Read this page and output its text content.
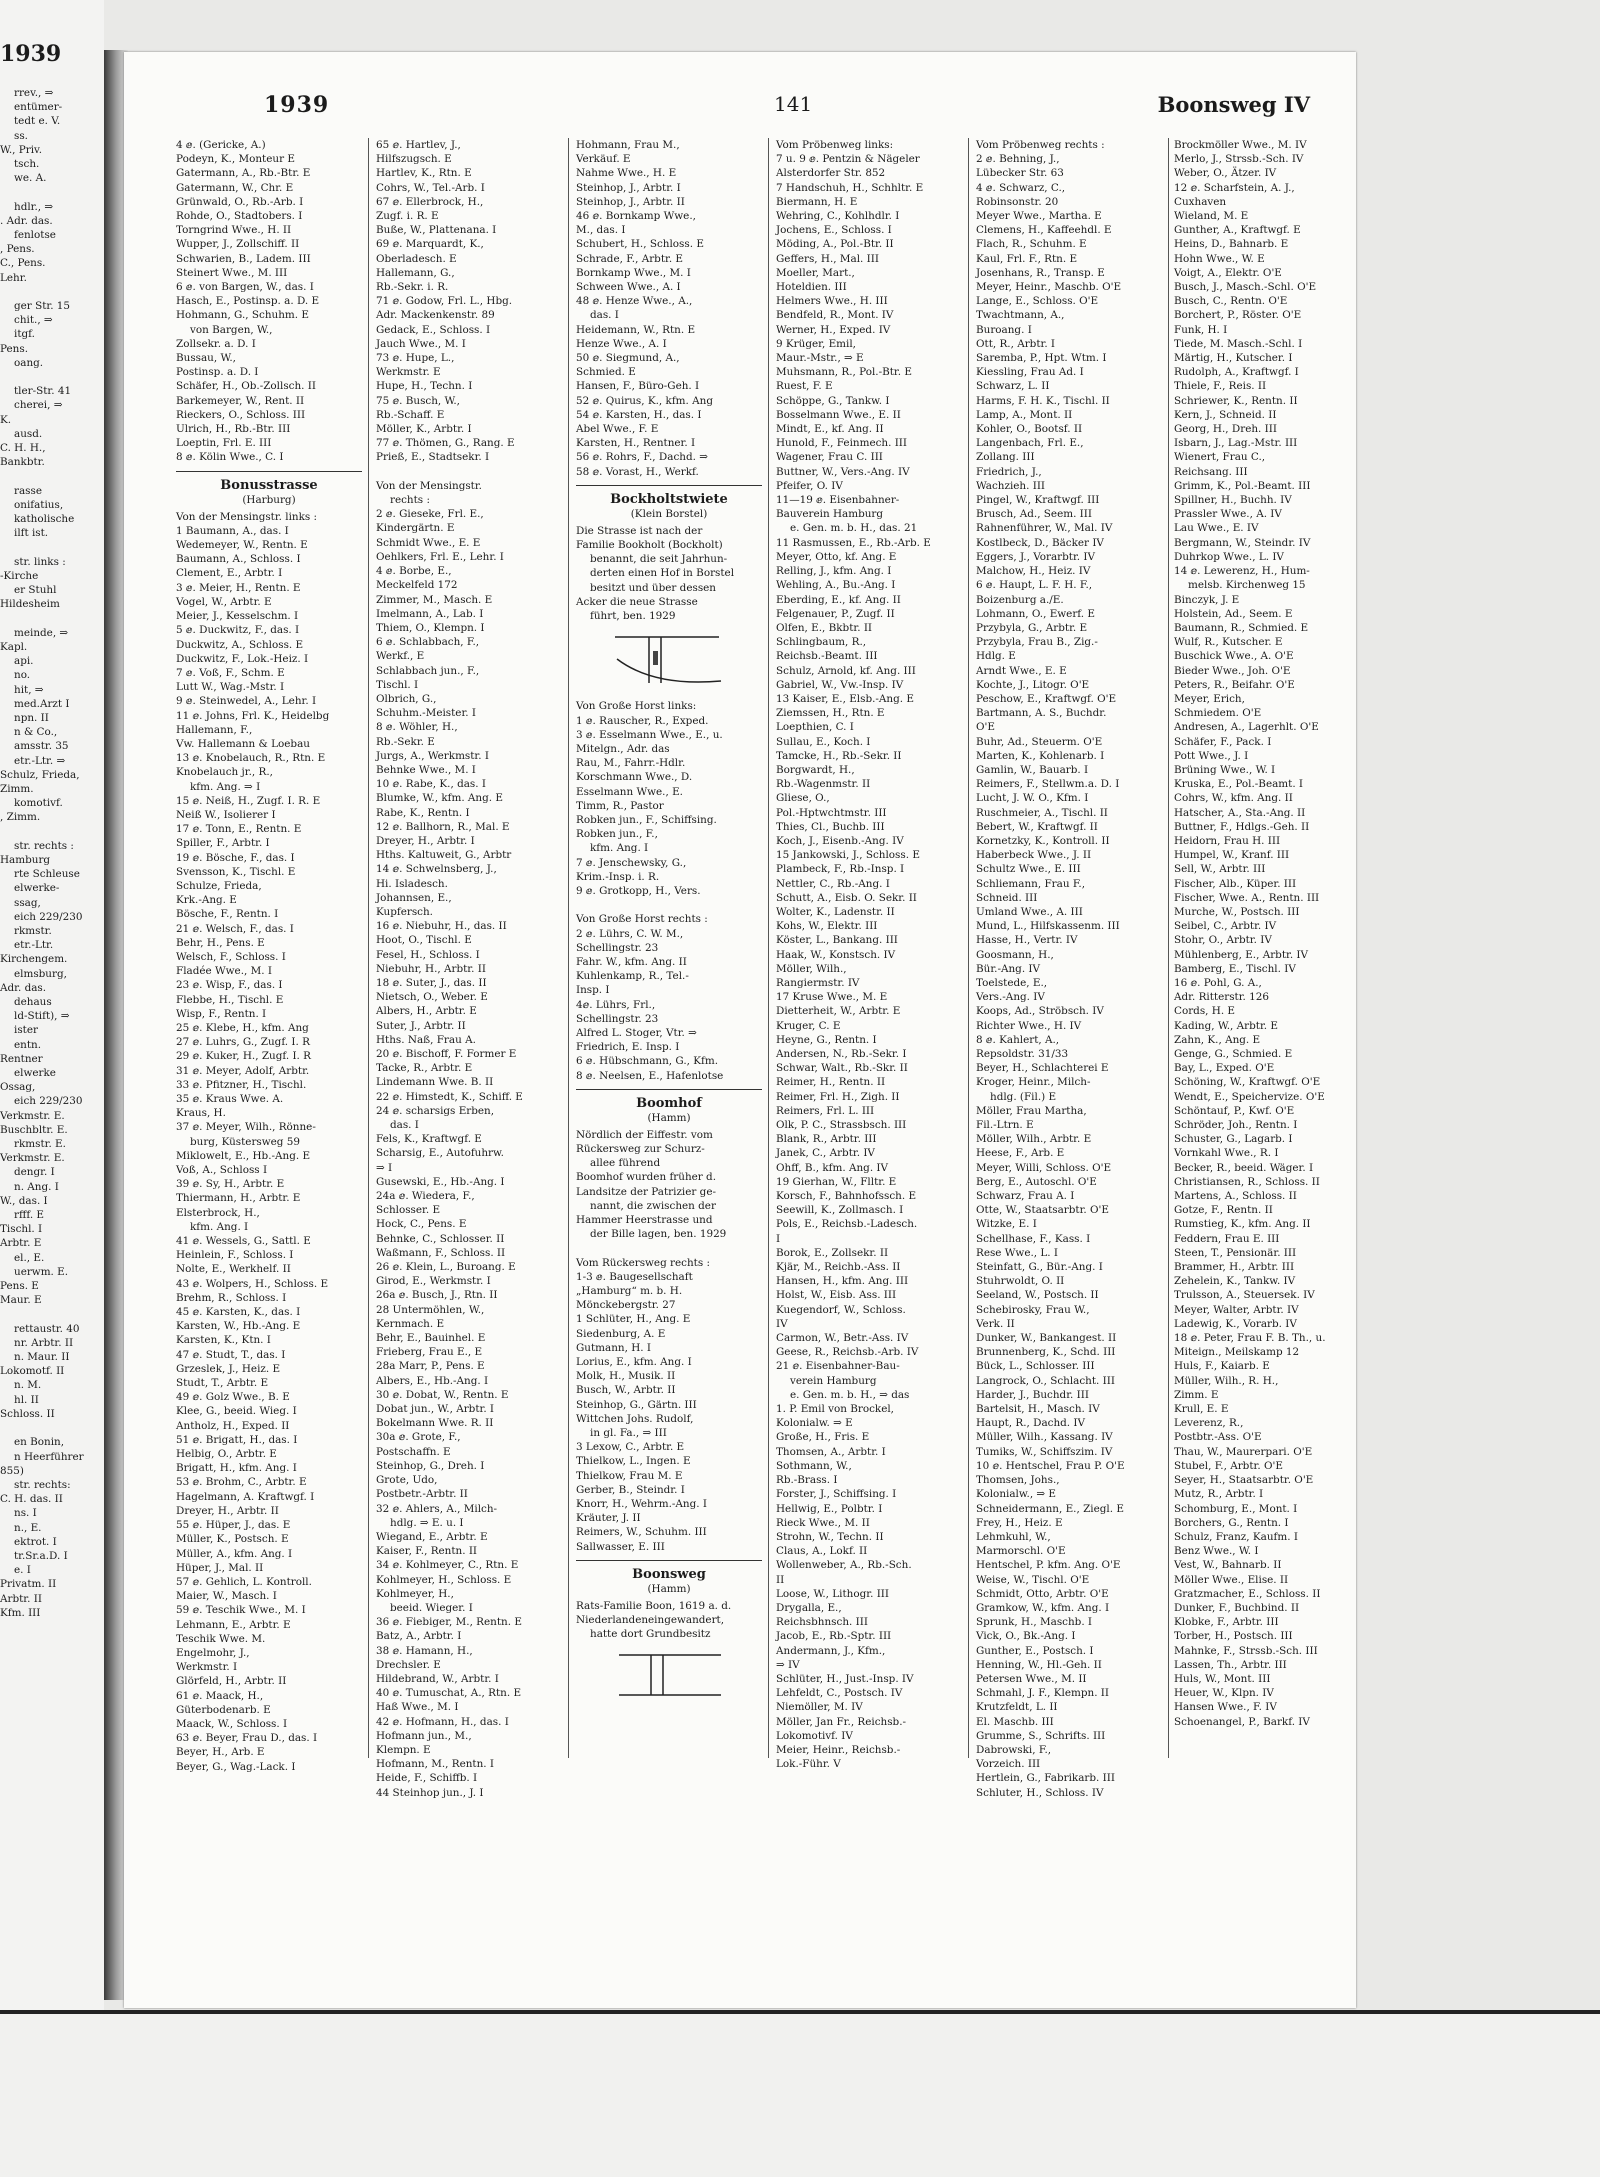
1939
rrev., ⇒
entümer-
tedt e. V.
ss.
W., Priv.
tsch.
we. A.

hdlr., ⇒
. Adr. das.
fenlotse
, Pens.
C., Pens.
Lehr.

ger Str. 15
chit., ⇒
itgf.
Pens.
oang.

tler-Str. 41
cherei, ⇒
K.
ausd.
C. H. H.,
Bankbtr.

rasse
onifatius,
katholische
ilft ist.

str. links :
-Kirche
er Stuhl
Hildesheim

meinde, ⇒
Kapl.
api.
no.
hit, ⇒
med.Arzt I
npn. II
n & Co.,
amsstr. 35
etr.-Ltr. ⇒
Schulz, Frieda,
Zimm.
komotivf.
, Zimm.

str. rechts :
Hamburg
rte Schleuse
elwerke-
ssag,
eich 229/230
rkmstr.
etr.-Ltr.
Kirchengem.
elmsburg,
Adr. das.
dehaus
ld-Stift), ⇒
ister
entn.
Rentner
elwerke
Ossag,
eich 229/230
Verkmstr. E.
Buschbltr. E.
rkmstr. E.
Verkmstr. E.
dengr. I
n. Ang. I
W., das. I
rfff. E
Tischl. I
Arbtr. E
el., E.
uerwm. E.
Pens. E
Maur. E

rettaustr. 40
nr. Arbtr. II
n. Maur. II
Lokomotf. II
n. M.
hl. II
Schloss. II

en Bonin,
n Heerführer
855)
str. rechts:
C. H. das. II
ns. I
n., E.
ektrot. I
tr.Sr.a.D. I
e. I
Privatm. II
Arbtr. II
Kfm. III
1939	141	Boonsweg IV
4 ⅇ. (Gericke, A.)
Podeyn, K., Monteur E
Gatermann, A., Rb.-Btr. E
Gatermann, W., Chr. E
Grünwald, O., Rb.-Arb. I
Rohde, O., Stadtobers. I
Torngrind Wwe., H. II
Wupper, J., Zollschiff. II
Schwarien, B., Ladem. III
Steinert Wwe., M. III
6 ⅇ. von Bargen, W., das. I
Hasch, E., Postinsp. a. D. E
Hohmann, G., Schuhm. E
von Bargen, W.,
Zollsekr. a. D. I
Bussau, W.,
Postinsp. a. D. I
Schäfer, H., Ob.-Zollsch. II
Barkemeyer, W., Rent. II
Rieckers, O., Schloss. III
Ulrich, H., Rb.-Btr. III
Loeptin, Frl. E. III
8 ⅇ. Kölin Wwe., C. I
Bonusstrasse
(Harburg)
Von der Mensingstr. links :
1 Baumann, A., das. I
Wedemeyer, W., Rentn. E
Baumann, A., Schloss. I
Clement, E., Arbtr. I
3 ⅇ. Meier, H., Rentn. E
Vogel, W., Arbtr. E
Meier, J., Kesselschm. I
5 ⅇ. Duckwitz, F., das. I
Duckwitz, A., Schloss. E
Duckwitz, F., Lok.-Heiz. I
7 ⅇ. Voß, F., Schm. E
Lutt W., Wag.-Mstr. I
9 ⅇ. Steinwedel, A., Lehr. I
11 ⅇ. Johns, Frl. K., Heidelbg
Hallemann, F.,
Vw. Hallemann & Loebau
13 ⅇ. Knobelauch, R., Rtn. E
Knobelauch jr., R.,
kfm. Ang. ⇒ I
15 ⅇ. Neiß, H., Zugf. I. R. E
Neiß W., Isolierer I
17 ⅇ. Tonn, E., Rentn. E
Spiller, F., Arbtr. I
19 ⅇ. Bösche, F., das. I
Svensson, K., Tischl. E
Schulze, Frieda,
Krk.-Ang. E
Bösche, F., Rentn. I
21 ⅇ. Welsch, F., das. I
Behr, H., Pens. E
Welsch, F., Schloss. I
Fladée Wwe., M. I
23 ⅇ. Wisp, F., das. I
Flebbe, H., Tischl. E
Wisp, F., Rentn. I
25 ⅇ. Klebe, H., kfm. Ang
27 ⅇ. Luhrs, G., Zugf. I. R
29 ⅇ. Kuker, H., Zugf. I. R
31 ⅇ. Meyer, Adolf, Arbtr.
33 ⅇ. Pfitzner, H., Tischl.
35 ⅇ. Kraus Wwe. A.
Kraus, H.
37 ⅇ. Meyer, Wilh., Rönne-
burg, Küstersweg 59
Miklowelt, E., Hb.-Ang. E
Voß, A., Schloss I
39 ⅇ. Sy, H., Arbtr. E
Thiermann, H., Arbtr. E
Elsterbrock, H.,
kfm. Ang. I
41 ⅇ. Wessels, G., Sattl. E
Heinlein, F., Schloss. I
Nolte, E., Werkhelf. II
43 ⅇ. Wolpers, H., Schloss. E
Brehm, R., Schloss. I
45 ⅇ. Karsten, K., das. I
Karsten, W., Hb.-Ang. E
Karsten, K., Ktn. I
47 ⅇ. Studt, T., das. I
Grzeslek, J., Heiz. E
Studt, T., Arbtr. E
49 ⅇ. Golz Wwe., B. E
Klee, G., beeid. Wieg. I
Antholz, H., Exped. II
51 ⅇ. Brigatt, H., das. I
Helbig, O., Arbtr. E
Brigatt, H., kfm. Ang. I
53 ⅇ. Brohm, C., Arbtr. E
Hagelmann, A. Kraftwgf. I
Dreyer, H., Arbtr. II
55 ⅇ. Hüper, J., das. E
Müller, K., Postsch. E
Müller, A., kfm. Ang. I
Hüper, J., Mal. II
57 ⅇ. Gehlich, L. Kontroll.
Maier, W., Masch. I
59 ⅇ. Teschik Wwe., M. I
Lehmann, E., Arbtr. E
Teschik Wwe. M.
Engelmohr, J.,
Werkmstr. I
Glörfeld, H., Arbtr. II
61 ⅇ. Maack, H.,
Güterbodenarb. E
Maack, W., Schloss. I
63 ⅇ. Beyer, Frau D., das. I
Beyer, H., Arb. E
Beyer, G., Wag.-Lack. I
65 ⅇ. Hartlev, J.,
Hilfszugsch. E
Hartlev, K., Rtn. E
Cohrs, W., Tel.-Arb. I
67 ⅇ. Ellerbrock, H.,
Zugf. i. R. E
Buße, W., Plattenana. I
69 ⅇ. Marquardt, K.,
Oberladesch. E
Hallemann, G.,
Rb.-Sekr. i. R.
71 ⅇ. Godow, Frl. L., Hbg.
Adr. Mackenkenstr. 89
Gedack, E., Schloss. I
Jauch Wwe., M. I
73 ⅇ. Hupe, L.,
Werkmstr. E
Hupe, H., Techn. I
75 ⅇ. Busch, W.,
Rb.-Schaff. E
Möller, K., Arbtr. I
77 ⅇ. Thömen, G., Rang. E
Prieß, E., Stadtsekr. I

Von der Mensingstr.
rechts :
2 ⅇ. Gieseke, Frl. E.,
Kindergärtn. E
Schmidt Wwe., E. E
Oehlkers, Frl. E., Lehr. I
4 ⅇ. Borbe, E.,
Meckelfeld 172
Zimmer, M., Masch. E
Imelmann, A., Lab. I
Thiem, O., Klempn. I
6 ⅇ. Schlabbach, F.,
Werkf., E
Schlabbach jun., F.,
Tischl. I
Olbrich, G.,
Schuhm.-Meister. I
8 ⅇ. Wöhler, H.,
Rb.-Sekr. E
Jurgs, A., Werkmstr. I
Behnke Wwe., M. I
10 ⅇ. Rabe, K., das. I
Blumke, W., kfm. Ang. E
Rabe, K., Rentn. I
12 ⅇ. Ballhorn, R., Mal. E
Dreyer, H., Arbtr. I
Hths. Kaltuweit, G., Arbtr
14 ⅇ. Schwelnsberg, J.,
Hi. Isladesch.
Johannsen, E.,
Kupfersch.
16 ⅇ. Niebuhr, H., das. II
Hoot, O., Tischl. E
Fesel, H., Schloss. I
Niebuhr, H., Arbtr. II
18 ⅇ. Suter, J., das. II
Nietsch, O., Weber. E
Albers, H., Arbtr. E
Suter, J., Arbtr. II
Hths. Naß, Frau A.
20 ⅇ. Bischoff, F. Former E
Tacke, R., Arbtr. E
Lindemann Wwe. B. II
22 ⅇ. Himstedt, K., Schiff. E
24 ⅇ. scharsigs Erben,
das. I
Fels, K., Kraftwgf. E
Scharsig, E., Autofuhrw.
⇒ I
Gusewski, E., Hb.-Ang. I
24a ⅇ. Wiedera, F.,
Schlosser. E
Hock, C., Pens. E
Behnke, C., Schlosser. II
Waßmann, F., Schloss. II
26 ⅇ. Klein, L., Buroang. E
Girod, E., Werkmstr. I
26a ⅇ. Busch, J., Rtn. II
28 Untermöhlen, W.,
Kernmach. E
Behr, E., Bauinhel. E
Frieberg, Frau E., E
28a Marr, P., Pens. E
Albers, E., Hb.-Ang. I
30 ⅇ. Dobat, W., Rentn. E
Dobat jun., W., Arbtr. I
Bokelmann Wwe. R. II
30a ⅇ. Grote, F.,
Postschaffn. E
Steinhop, G., Dreh. I
Grote, Udo,
Postbetr.-Arbtr. II
32 ⅇ. Ahlers, A., Milch-
hdlg. ⇒ E. u. I
Wiegand, E., Arbtr. E
Kaiser, F., Rentn. II
34 ⅇ. Kohlmeyer, C., Rtn. E
Kohlmeyer, H., Schloss. E
Kohlmeyer, H.,
beeid. Wieger. I
36 ⅇ. Fiebiger, M., Rentn. E
Batz, A., Arbtr. I
38 ⅇ. Hamann, H.,
Drechsler. E
Hildebrand, W., Arbtr. I
40 ⅇ. Tumuschat, A., Rtn. E
Haß Wwe., M. I
42 ⅇ. Hofmann, H., das. I
Hofmann jun., M.,
Klempn. E
Hofmann, M., Rentn. I
Heide, F., Schiffb. I
44 Steinhop jun., J. I
Hohmann, Frau M.,
Verkäuf. E
Nahme Wwe., H. E
Steinhop, J., Arbtr. I
Steinhop, J., Arbtr. II
46 ⅇ. Bornkamp Wwe.,
M., das. I
Schubert, H., Schloss. E
Schrade, F., Arbtr. E
Bornkamp Wwe., M. I
Schween Wwe., A. I
48 ⅇ. Henze Wwe., A.,
das. I
Heidemann, W., Rtn. E
Henze Wwe., A. I
50 ⅇ. Siegmund, A.,
Schmied. E
Hansen, F., Büro-Geh. I
52 ⅇ. Quirus, K., kfm. Ang
54 ⅇ. Karsten, H., das. I
Abel Wwe., F. E
Karsten, H., Rentner. I
56 ⅇ. Rohrs, F., Dachd. ⇒
58 ⅇ. Vorast, H., Werkf.
Bockholtstwiete
(Klein Borstel)
Die Strasse ist nach der
Familie Bookholt (Bockholt)
benannt, die seit Jahrhun-
derten einen Hof in Borstel
besitzt und über dessen
Acker die neue Strasse
führt, ben. 1929
Von Große Horst links:
1 ⅇ. Rauscher, R., Exped.
3 ⅇ. Esselmann Wwe., E., u.
Mitelgn., Adr. das
Rau, M., Fahrr.-Hdlr.
Korschmann Wwe., D.
Esselmann Wwe., E.
Timm, R., Pastor
Robken jun., F., Schiffsing.
Robken jun., F.,
kfm. Ang. I
7 ⅇ. Jenschewsky, G.,
Krim.-Insp. i. R.
9 ⅇ. Grotkopp, H., Vers.

Von Große Horst rechts :
2 ⅇ. Lührs, C. W. M.,
Schellingstr. 23
Fahr. W., kfm. Ang. II
Kuhlenkamp, R., Tel.-
Insp. I
4ⅇ. Lührs, Frl.,
Schellingstr. 23
Alfred L. Stoger, Vtr. ⇒
Friedrich, E. Insp. I
6 ⅇ. Hübschmann, G., Kfm.
8 ⅇ. Neelsen, E., Hafenlotse
Boomhof
(Hamm)
Nördlich der Eiffestr. vom
Rückersweg zur Schurz-
allee führend
Boomhof wurden früher d.
Landsitze der Patrizier ge-
nannt, die zwischen der
Hammer Heerstrasse und
der Bille lagen, ben. 1929

Vom Rückersweg rechts :
1-3 ⅇ. Baugesellschaft
„Hamburg“ m. b. H.
Mönckebergstr. 27
1 Schlüter, H., Ang. E
Siedenburg, A. E
Gutmann, H. I
Lorius, E., kfm. Ang. I
Molk, H., Musik. II
Busch, W., Arbtr. II
Steinhop, G., Gärtn. III
Wittchen Johs. Rudolf,
in gl. Fa., ⇒ III
3 Lexow, C., Arbtr. E
Thielkow, L., Ingen. E
Thielkow, Frau M. E
Gerber, B., Steindr. I
Knorr, H., Wehrm.-Ang. I
Kräuter, J. II
Reimers, W., Schuhm. III
Sallwasser, E. III
Boonsweg
(Hamm)
Rats-Familie Boon, 1619 a. d.
Niederlandeneingewandert,
hatte dort Grundbesitz
Vom Pröbenweg links:
7 u. 9 ⅇ. Pentzin & Nägeler
Alsterdorfer Str. 852
7 Handschuh, H., Schhltr. E
Biermann, H. E
Wehring, C., Kohlhdlr. I
Jochens, E., Schloss. I
Möding, A., Pol.-Btr. II
Geffers, H., Mal. III
Moeller, Mart.,
Hoteldien. III
Helmers Wwe., H. III
Bendfeld, R., Mont. IV
Werner, H., Exped. IV
9 Krüger, Emil,
Maur.-Mstr., ⇒ E
Muhsmann, R., Pol.-Btr. E
Ruest, F. E
Schöppe, G., Tankw. I
Bosselmann Wwe., E. II
Mindt, E., kf. Ang. II
Hunold, F., Feinmech. III
Wagener, Frau C. III
Buttner, W., Vers.-Ang. IV
Pfeifer, O. IV
11—19 ⅇ. Eisenbahner-
Bauverein Hamburg
e. Gen. m. b. H., das. 21
11 Rasmussen, E., Rb.-Arb. E
Meyer, Otto, kf. Ang. E
Relling, J., kfm. Ang. I
Wehling, A., Bu.-Ang. I
Eberding, E., kf. Ang. II
Felgenauer, P., Zugf. II
Olfen, E., Bkbtr. II
Schlingbaum, R.,
Reichsb.-Beamt. III
Schulz, Arnold, kf. Ang. III
Gabriel, W., Vw.-Insp. IV
13 Kaiser, E., Elsb.-Ang. E
Ziemssen, H., Rtn. E
Loepthien, C. I
Sullau, E., Koch. I
Tamcke, H., Rb.-Sekr. II
Borgwardt, H.,
Rb.-Wagenmstr. II
Gliese, O.,
Pol.-Hptwchtmstr. III
Thies, Cl., Buchb. III
Koch, J., Eisenb.-Ang. IV
15 Jankowski, J., Schloss. E
Plambeck, F., Rb.-Insp. I
Nettler, C., Rb.-Ang. I
Schutt, A., Eisb. O. Sekr. II
Wolter, K., Ladenstr. II
Kohs, W., Elektr. III
Köster, L., Bankang. III
Haak, W., Konstsch. IV
Möller, Wilh.,
Rangiermstr. IV
17 Kruse Wwe., M. E
Dietterheit, W., Arbtr. E
Kruger, C. E
Heyne, G., Rentn. I
Andersen, N., Rb.-Sekr. I
Schwar, Walt., Rb.-Skr. II
Reimer, H., Rentn. II
Reimer, Frl. H., Zigh. II
Reimers, Frl. L. III
Olk, P. C., Strassbsch. III
Blank, R., Arbtr. III
Janek, C., Arbtr. IV
Ohff, B., kfm. Ang. IV
19 Gierhan, W., Flltr. E
Korsch, F., Bahnhofssch. E
Seewill, K., Zollmasch. I
Pols, E., Reichsb.-Ladesch.
I
Borok, E., Zollsekr. II
Kjär, M., Reichb.-Ass. II
Hansen, H., kfm. Ang. III
Holst, W., Eisb. Ass. III
Kuegendorf, W., Schloss.
IV
Carmon, W., Betr.-Ass. IV
Geese, R., Reichsb.-Arb. IV
21 ⅇ. Eisenbahner-Bau-
verein Hamburg
e. Gen. m. b. H., ⇒ das
1. P. Emil von Brockel,
Kolonialw. ⇒ E
Große, H., Fris. E
Thomsen, A., Arbtr. I
Sothmann, W.,
Rb.-Brass. I
Forster, J., Schiffsing. I
Hellwig, E., Polbtr. I
Rieck Wwe., M. II
Strohn, W., Techn. II
Claus, A., Lokf. II
Wollenweber, A., Rb.-Sch.
II
Loose, W., Lithogr. III
Drygalla, E.,
Reichsbhnsch. III
Jacob, E., Rb.-Sptr. III
Andermann, J., Kfm.,
⇒ IV
Schlüter, H., Just.-Insp. IV
Lehfeldt, C., Postsch. IV
Niemöller, M. IV
Möller, Jan Fr., Reichsb.-
Lokomotivf. IV
Meier, Heinr., Reichsb.-
Lok.-Führ. V
Vom Pröbenweg rechts :
2 ⅇ. Behning, J.,
Lübecker Str. 63
4 ⅇ. Schwarz, C.,
Robinsonstr. 20
Meyer Wwe., Martha. E
Clemens, H., Kaffeehdl. E
Flach, R., Schuhm. E
Kaul, Frl. F., Rtn. E
Josenhans, R., Transp. E
Meyer, Heinr., Maschb. O'E
Lange, E., Schloss. O'E
Twachtmann, A.,
Buroang. I
Ott, R., Arbtr. I
Saremba, P., Hpt. Wtm. I
Kiessling, Frau Ad. I
Schwarz, L. II
Harms, F. H. K., Tischl. II
Lamp, A., Mont. II
Kohler, O., Bootsf. II
Langenbach, Frl. E.,
Zollang. III
Friedrich, J.,
Wachzieh. III
Pingel, W., Kraftwgf. III
Brusch, Ad., Seem. III
Rahnenführer, W., Mal. IV
Kostlbeck, D., Bäcker IV
Eggers, J., Vorarbtr. IV
Malchow, H., Heiz. IV
6 ⅇ. Haupt, L. F. H. F.,
Boizenburg a./E.
Lohmann, O., Ewerf. E
Przybyla, G., Arbtr. E
Przybyla, Frau B., Zig.-
Hdlg. E
Arndt Wwe., E. E
Kochte, J., Litogr. O'E
Peschow, E., Kraftwgf. O'E
Bartmann, A. S., Buchdr.
O'E
Buhr, Ad., Steuerm. O'E
Marten, K., Kohlenarb. I
Gamlin, W., Bauarb. I
Reimers, F., Stellwm.a. D. I
Lucht, J. W. O., Kfm. I
Ruschmeier, A., Tischl. II
Bebert, W., Kraftwgf. II
Kornetzky, K., Kontroll. II
Haberbeck Wwe., J. II
Schultz Wwe., E. III
Schliemann, Frau F.,
Schneid. III
Umland Wwe., A. III
Mund, L., Hilfskassenm. III
Hasse, H., Vertr. IV
Goosmann, H.,
Bür.-Ang. IV
Toelstede, E.,
Vers.-Ang. IV
Koops, Ad., Ströbsch. IV
Richter Wwe., H. IV
8 ⅇ. Kahlert, A.,
Repsoldstr. 31/33
Beyer, H., Schlachterei E
Kroger, Heinr., Milch-
hdlg. (Fil.) E
Möller, Frau Martha,
Fil.-Ltrn. E
Möller, Wilh., Arbtr. E
Heese, F., Arb. E
Meyer, Willi, Schloss. O'E
Berg, E., Autoschl. O'E
Schwarz, Frau A. I
Otte, W., Staatsarbtr. O'E
Witzke, E. I
Schellhase, F., Kass. I
Rese Wwe., L. I
Steinfatt, G., Bür.-Ang. I
Stuhrwoldt, O. II
Seeland, W., Postsch. II
Schebirosky, Frau W.,
Verk. II
Dunker, W., Bankangest. II
Brunnenberg, K., Schd. III
Bück, L., Schlosser. III
Langrock, O., Schlacht. III
Harder, J., Buchdr. III
Bartelsit, H., Masch. IV
Haupt, R., Dachd. IV
Müller, Wilh., Kassang. IV
Tumiks, W., Schiffszim. IV
10 ⅇ. Hentschel, Frau P. O'E
Thomsen, Johs.,
Kolonialw., ⇒ E
Schneidermann, E., Ziegl. E
Frey, H., Heiz. E
Lehmkuhl, W.,
Marmorschl. O'E
Hentschel, P. kfm. Ang. O'E
Weise, W., Tischl. O'E
Schmidt, Otto, Arbtr. O'E
Gramkow, W., kfm. Ang. I
Sprunk, H., Maschb. I
Vick, O., Bk.-Ang. I
Gunther, E., Postsch. I
Henning, W., Hl.-Geh. II
Petersen Wwe., M. II
Schmahl, J. F., Klempn. II
Krutzfeldt, L. II
El. Maschb. III
Grumme, S., Schrifts. III
Dabrowski, F.,
Vorzeich. III
Hertlein, G., Fabrikarb. III
Schluter, H., Schloss. IV
Brockmöller Wwe., M. IV
Merlo, J., Strssb.-Sch. IV
Weber, O., Ätzer. IV
12 ⅇ. Scharfstein, A. J.,
Cuxhaven
Wieland, M. E
Gunther, A., Kraftwgf. E
Heins, D., Bahnarb. E
Hohn Wwe., W. E
Voigt, A., Elektr. O'E
Busch, J., Masch.-Schl. O'E
Busch, C., Rentn. O'E
Borchert, P., Röster. O'E
Funk, H. I
Tiede, M. Masch.-Schl. I
Märtig, H., Kutscher. I
Rudolph, A., Kraftwgf. I
Thiele, F., Reis. II
Schriewer, K., Rentn. II
Kern, J., Schneid. II
Georg, H., Dreh. III
Isbarn, J., Lag.-Mstr. III
Wienert, Frau C.,
Reichsang. III
Grimm, K., Pol.-Beamt. III
Spillner, H., Buchh. IV
Prassler Wwe., A. IV
Lau Wwe., E. IV
Bergmann, W., Steindr. IV
Duhrkop Wwe., L. IV
14 ⅇ. Lewerenz, H., Hum-
melsb. Kirchenweg 15
Binczyk, J. E
Holstein, Ad., Seem. E
Baumann, R., Schmied. E
Wulf, R., Kutscher. E
Buschick Wwe., A. O'E
Bieder Wwe., Joh. O'E
Peters, R., Beifahr. O'E
Meyer, Erich,
Schmiedem. O'E
Andresen, A., Lagerhlt. O'E
Schäfer, F., Pack. I
Pott Wwe., J. I
Brüning Wwe., W. I
Kruska, E., Pol.-Beamt. I
Cohrs, W., kfm. Ang. II
Hatscher, A., Sta.-Ang. II
Buttner, F., Hdlgs.-Geh. II
Heidorn, Frau H. III
Humpel, W., Kranf. III
Sell, W., Arbtr. III
Fischer, Alb., Küper. III
Fischer, Wwe. A., Rentn. III
Murche, W., Postsch. III
Seibel, C., Arbtr. IV
Stohr, O., Arbtr. IV
Mühlenberg, E., Arbtr. IV
Bamberg, E., Tischl. IV
16 ⅇ. Pohl, G. A.,
Adr. Ritterstr. 126
Cords, H. E
Kading, W., Arbtr. E
Zahn, K., Ang. E
Genge, G., Schmied. E
Bay, L., Exped. O'E
Schöning, W., Kraftwgf. O'E
Wendt, E., Speichervize. O'E
Schöntauf, P., Kwf. O'E
Schröder, Joh., Rentn. I
Schuster, G., Lagarb. I
Vornkahl Wwe., R. I
Becker, R., beeid. Wäger. I
Christiansen, R., Schloss. II
Martens, A., Schloss. II
Gotze, F., Rentn. II
Rumstieg, K., kfm. Ang. II
Feddern, Frau E. III
Steen, T., Pensionär. III
Brammer, H., Arbtr. III
Zehelein, K., Tankw. IV
Trulsson, A., Steuersek. IV
Meyer, Walter, Arbtr. IV
Ladewig, K., Vorarb. IV
18 ⅇ. Peter, Frau F. B. Th., u.
Miteign., Meilskamp 12
Huls, F., Kaiarb. E
Müller, Wilh., R. H.,
Zimm. E
Krull, E. E
Leverenz, R.,
Postbtr.-Ass. O'E
Thau, W., Maurerpari. O'E
Stubel, F., Arbtr. O'E
Seyer, H., Staatsarbtr. O'E
Mutz, R., Arbtr. I
Schomburg, E., Mont. I
Borchers, G., Rentn. I
Schulz, Franz, Kaufm. I
Benz Wwe., W. I
Vest, W., Bahnarb. II
Möller Wwe., Elise. II
Gratzmacher, E., Schloss. II
Dunker, F., Buchbind. II
Klobke, F., Arbtr. III
Torber, H., Postsch. III
Mahnke, F., Strssb.-Sch. III
Lassen, Th., Arbtr. III
Huls, W., Mont. III
Heuer, W., Klpn. IV
Hansen Wwe., F. IV
Schoenangel, P., Barkf. IV
